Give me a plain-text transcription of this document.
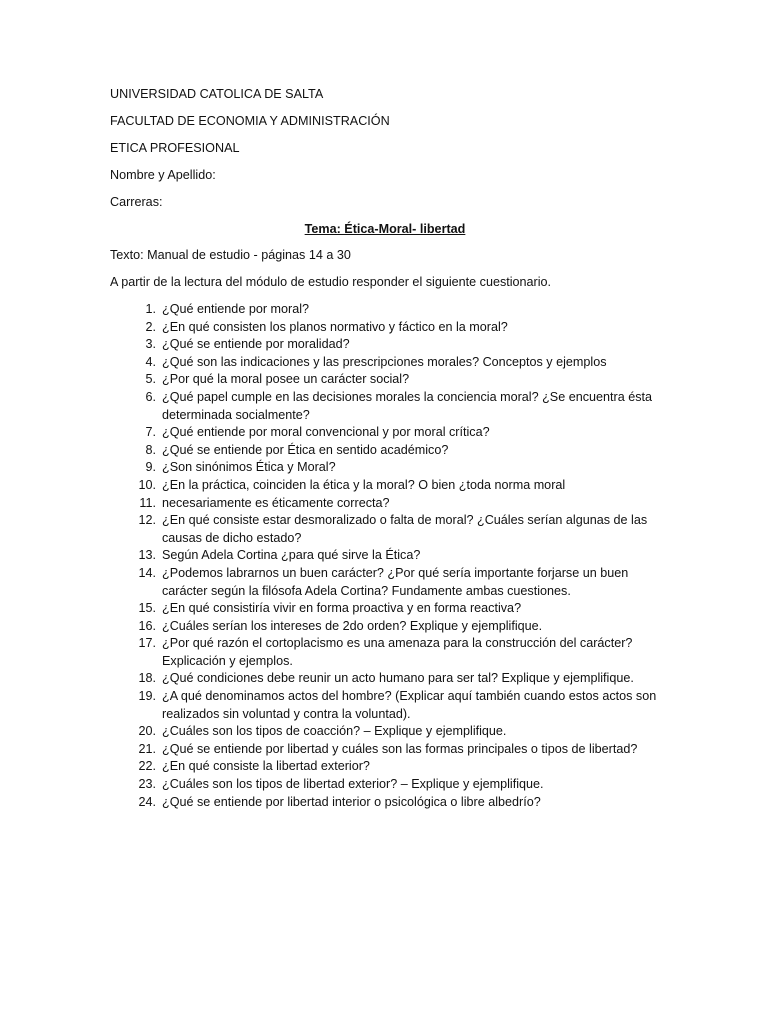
UNIVERSIDAD CATOLICA DE SALTA
FACULTAD DE ECONOMIA Y ADMINISTRACIÓN
ETICA PROFESIONAL
Nombre y Apellido:
Carreras:
Tema: Ética-Moral- libertad
Texto: Manual de estudio - páginas 14 a 30
A partir de la lectura del módulo de estudio responder el siguiente cuestionario.
1. ¿Qué entiende por moral?
2. ¿En qué consisten los planos normativo y fáctico en la moral?
3. ¿Qué se entiende por moralidad?
4. ¿Qué son las indicaciones y las prescripciones morales? Conceptos y ejemplos
5. ¿Por qué la moral posee un carácter social?
6. ¿Qué papel cumple en las decisiones morales la conciencia moral? ¿Se encuentra ésta determinada socialmente?
7. ¿Qué entiende por moral convencional y por moral crítica?
8. ¿Qué se entiende por Ética en sentido académico?
9. ¿Son sinónimos Ética y Moral?
10. ¿En la práctica, coinciden la ética y la moral? O bien ¿toda norma moral
11. necesariamente es éticamente correcta?
12. ¿En qué consiste estar desmoralizado o falta de moral? ¿Cuáles serían algunas de las causas de dicho estado?
13. Según Adela Cortina ¿para qué sirve la Ética?
14. ¿Podemos labrarnos un buen carácter? ¿Por qué sería importante forjarse un buen carácter según la filósofa Adela Cortina? Fundamente ambas cuestiones.
15. ¿En qué consistiría vivir en forma proactiva y en forma reactiva?
16. ¿Cuáles serían los intereses de 2do orden? Explique y ejemplifique.
17. ¿Por qué razón el cortoplacismo es una amenaza para la construcción del carácter? Explicación y ejemplos.
18. ¿Qué condiciones debe reunir un acto humano para ser tal? Explique y ejemplifique.
19. ¿A qué denominamos actos del hombre? (Explicar aquí también cuando estos actos son realizados sin voluntad y contra la voluntad).
20. ¿Cuáles son los tipos de coacción? – Explique y ejemplifique.
21. ¿Qué se entiende por libertad y cuáles son las formas principales o tipos de libertad?
22. ¿En qué consiste la libertad exterior?
23. ¿Cuáles son los tipos de libertad exterior? – Explique y ejemplifique.
24. ¿Qué se entiende por libertad interior o psicológica o libre albedrío?
